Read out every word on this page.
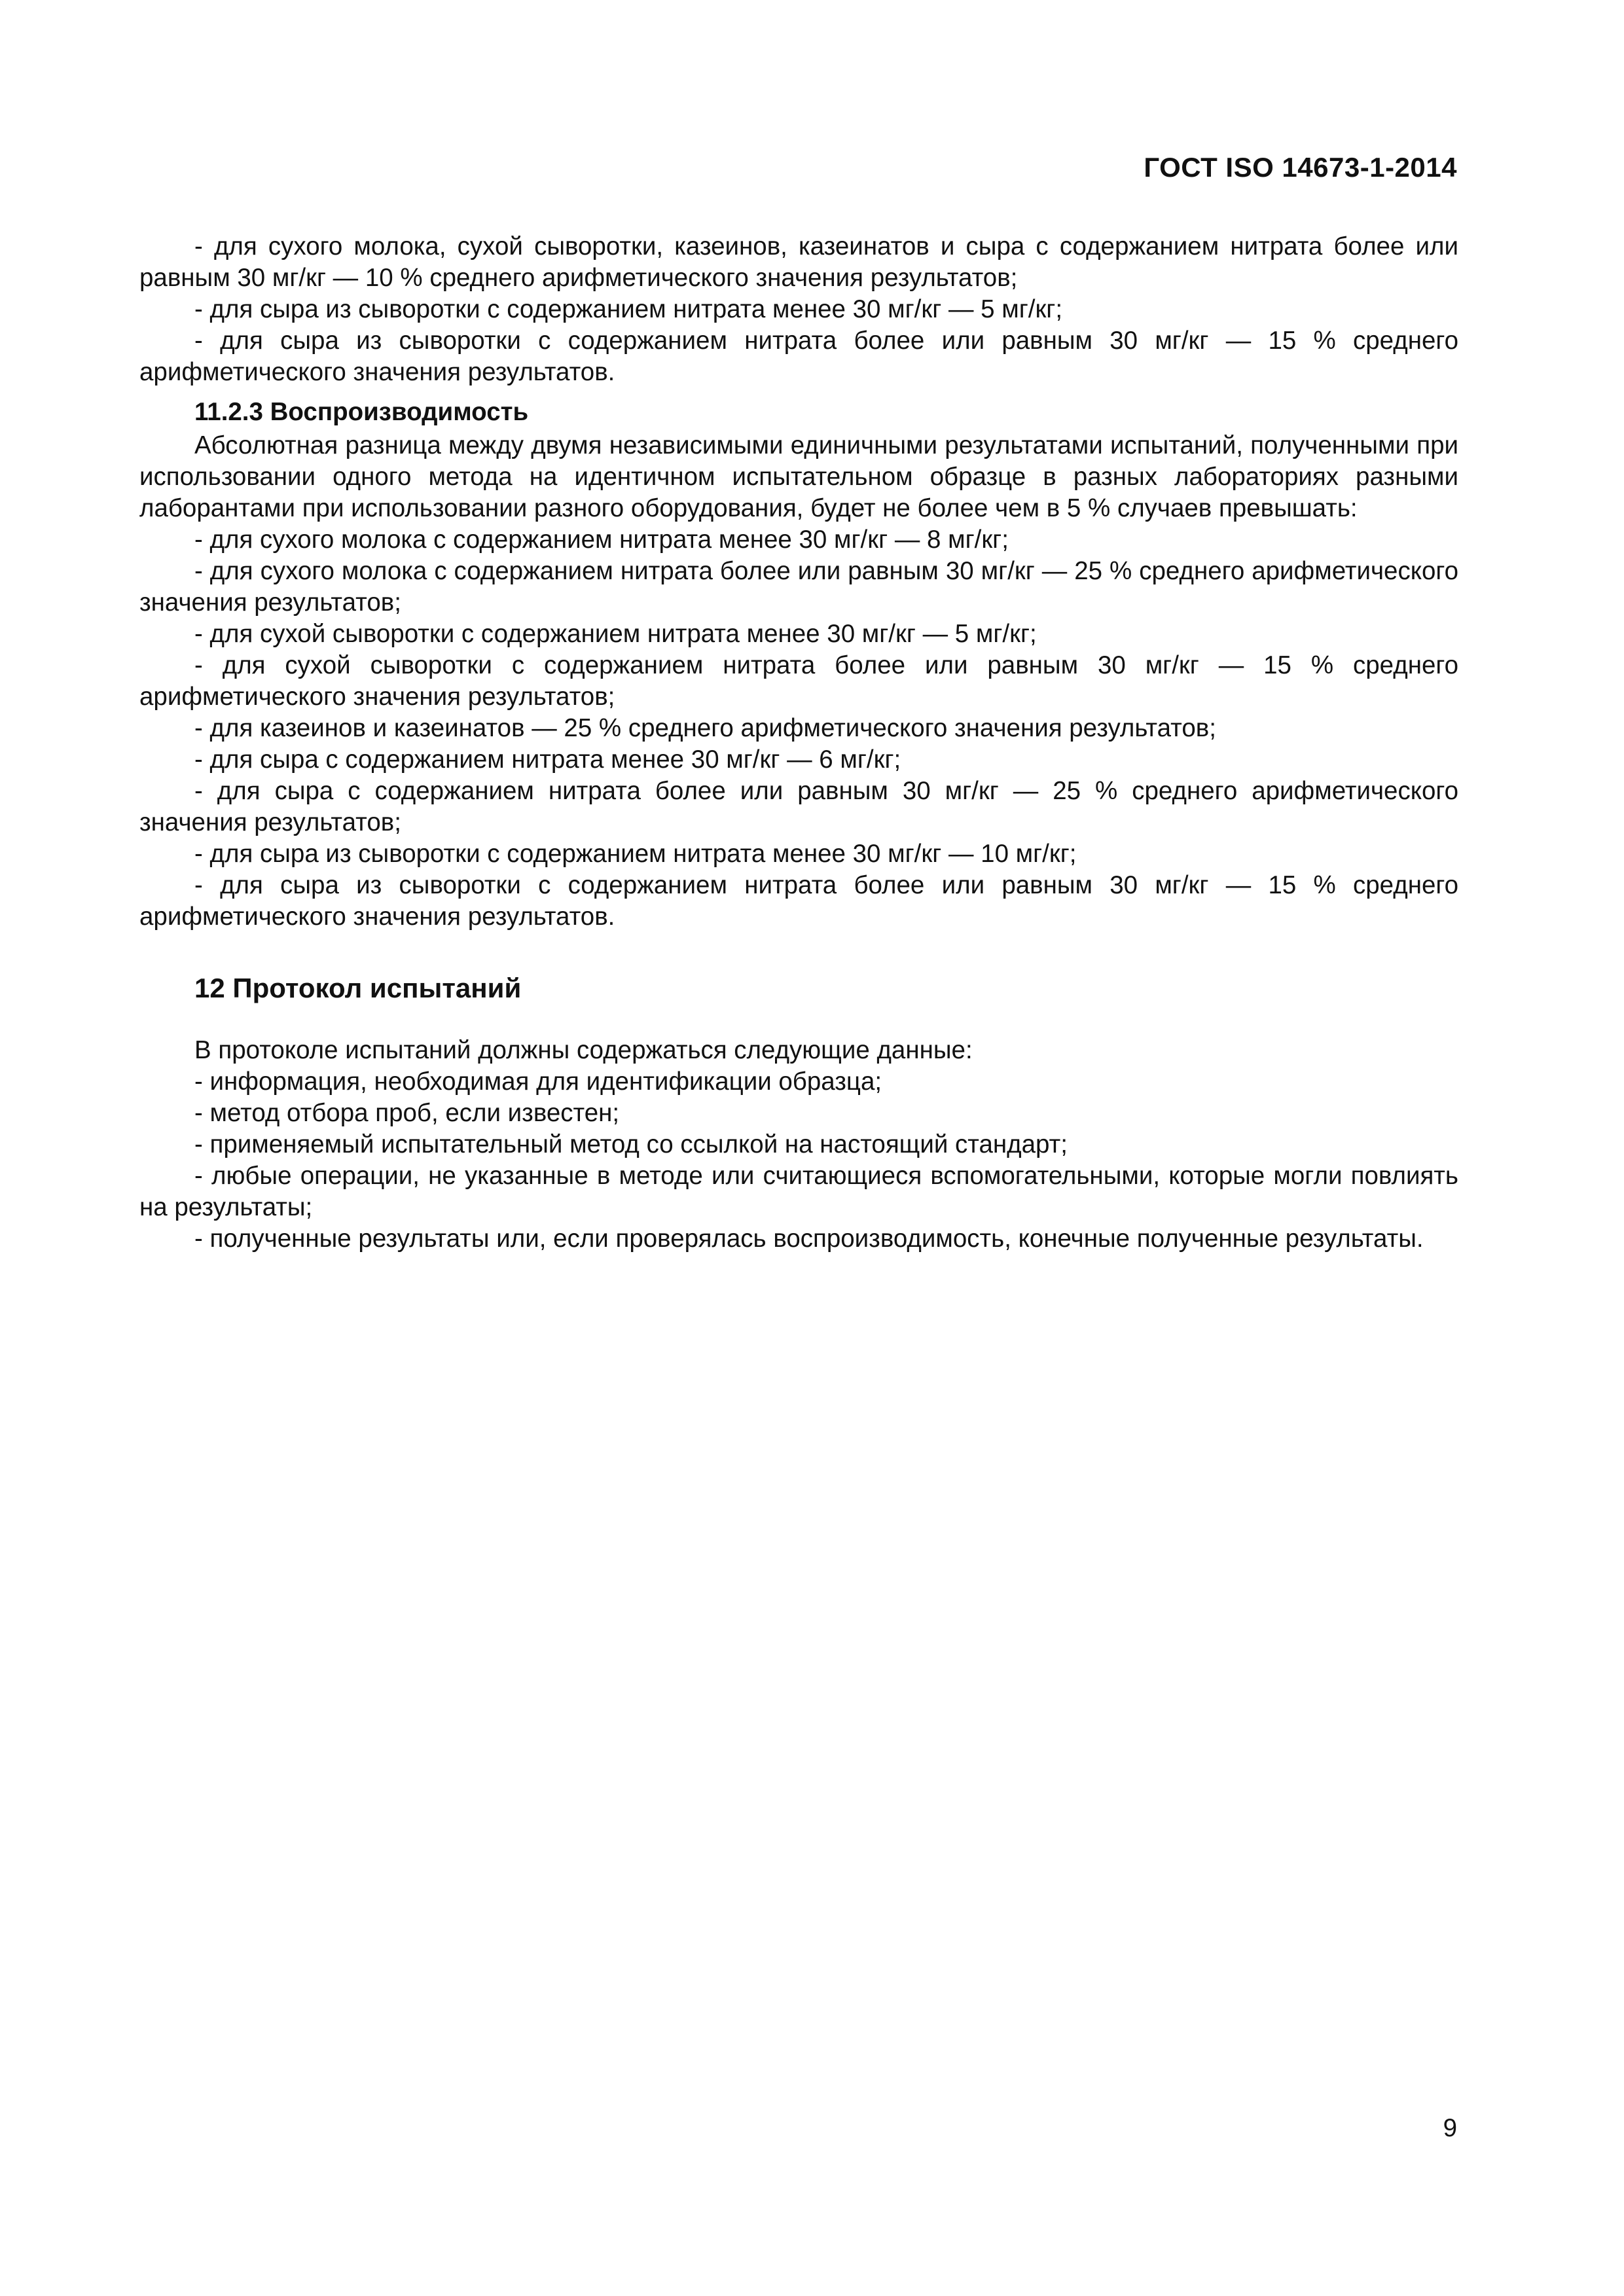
ГОСТ ISO 14673-1-2014

- для сухого молока, сухой сыворотки, казеинов, казеинатов и сыра с содержанием нитрата более или равным 30 мг/кг — 10 % среднего арифметического значения результатов;

- для сыра из сыворотки с содержанием нитрата менее 30 мг/кг — 5 мг/кг;

- для сыра из сыворотки с содержанием нитрата более или равным 30 мг/кг — 15 % среднего арифметического значения результатов.

11.2.3 Воспроизводимость

Абсолютная разница между двумя независимыми единичными результатами испытаний, полученными при использовании одного метода на идентичном испытательном образце в разных лабораториях разными лаборантами при использовании разного оборудования, будет не более чем в 5 % случаев превышать:

- для сухого молока с содержанием нитрата менее 30 мг/кг — 8 мг/кг;

- для сухого молока с содержанием нитрата более или равным 30 мг/кг — 25 % среднего арифметического значения результатов;

- для сухой сыворотки с содержанием нитрата менее 30 мг/кг — 5 мг/кг;

- для сухой сыворотки с содержанием нитрата более или равным 30 мг/кг — 15 % среднего арифметического значения результатов;

- для казеинов и казеинатов — 25 % среднего арифметического значения результатов;

- для сыра с содержанием нитрата менее 30 мг/кг — 6 мг/кг;

- для сыра с содержанием нитрата более или равным 30 мг/кг — 25 % среднего арифметического значения результатов;

- для сыра из сыворотки с содержанием нитрата менее 30 мг/кг — 10 мг/кг;

- для сыра из сыворотки с содержанием нитрата более или равным 30 мг/кг — 15 % среднего арифметического значения результатов.

12 Протокол испытаний

В протоколе испытаний должны содержаться следующие данные:

- информация, необходимая для идентификации образца;

- метод отбора проб, если известен;

- применяемый испытательный метод со ссылкой на настоящий стандарт;

- любые операции, не указанные в методе или считающиеся вспомогательными, которые могли повлиять на результаты;

- полученные результаты или, если проверялась воспроизводимость, конечные полученные результаты.

9
